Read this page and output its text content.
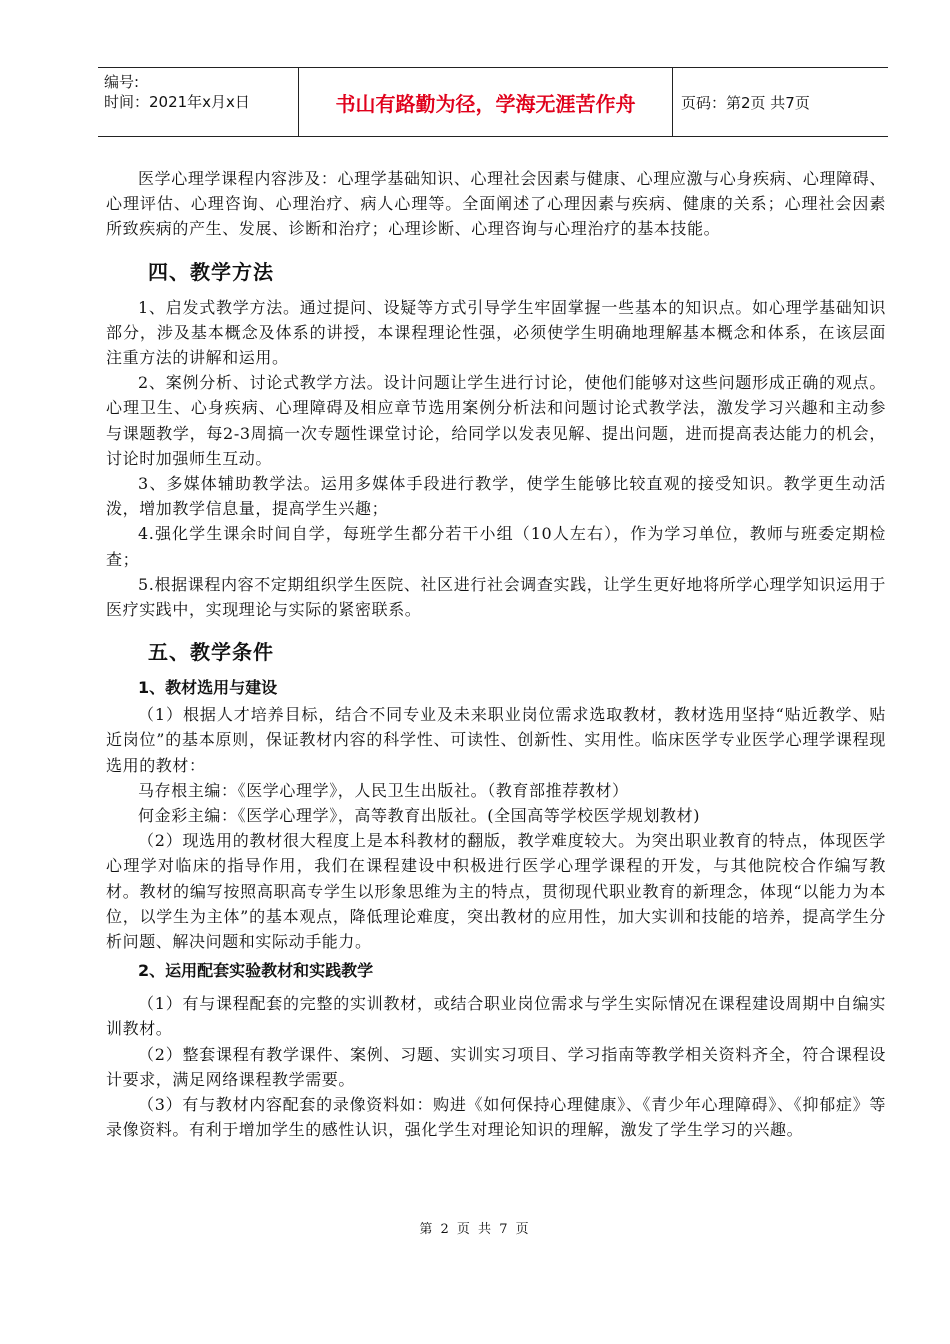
编号:
时间：2021年x月x日	书山有路勤为径，学海无涯苦作舟	页码：第2页 共7页

医学心理学课程内容涉及：心理学基础知识、心理社会因素与健康、心理应激与心身疾病、心理障碍、心理评估、心理咨询、心理治疗、病人心理等。全面阐述了心理因素与疾病、健康的关系；心理社会因素所致疾病的产生、发展、诊断和治疗；心理诊断、心理咨询与心理治疗的基本技能。

四、教学方法

1、启发式教学方法。通过提问、设疑等方式引导学生牢固掌握一些基本的知识点。如心理学基础知识部分，涉及基本概念及体系的讲授，本课程理论性强，必须使学生明确地理解基本概念和体系，在该层面注重方法的讲解和运用。

2、案例分析、讨论式教学方法。设计问题让学生进行讨论，使他们能够对这些问题形成正确的观点。心理卫生、心身疾病、心理障碍及相应章节选用案例分析法和问题讨论式教学法，激发学习兴趣和主动参与课题教学，每2-3周搞一次专题性课堂讨论，给同学以发表见解、提出问题，进而提高表达能力的机会，讨论时加强师生互动。

3、多媒体辅助教学法。运用多媒体手段进行教学，使学生能够比较直观的接受知识。教学更生动活泼，增加教学信息量，提高学生兴趣；

4.强化学生课余时间自学，每班学生都分若干小组（10人左右），作为学习单位，教师与班委定期检查；

5.根据课程内容不定期组织学生医院、社区进行社会调查实践，让学生更好地将所学心理学知识运用于医疗实践中，实现理论与实际的紧密联系。

五、教学条件
1、教材选用与建设

（1）根据人才培养目标，结合不同专业及未来职业岗位需求选取教材，教材选用坚持“贴近教学、贴近岗位”的基本原则，保证教材内容的科学性、可读性、创新性、实用性。临床医学专业医学心理学课程现选用的教材：

马存根主编：《医学心理学》，人民卫生出版社。（教育部推荐教材）

何金彩主编：《医学心理学》，高等教育出版社。(全国高等学校医学规划教材)

（2）现选用的教材很大程度上是本科教材的翻版，教学难度较大。为突出职业教育的特点，体现医学心理学对临床的指导作用，我们在课程建设中积极进行医学心理学课程的开发，与其他院校合作编写教材。教材的编写按照高职高专学生以形象思维为主的特点，贯彻现代职业教育的新理念，体现“以能力为本位，以学生为主体”的基本观点，降低理论难度，突出教材的应用性，加大实训和技能的培养，提高学生分析问题、解决问题和实际动手能力。

2、运用配套实验教材和实践教学

（1）有与课程配套的完整的实训教材，或结合职业岗位需求与学生实际情况在课程建设周期中自编实训教材。

（2）整套课程有教学课件、案例、习题、实训实习项目、学习指南等教学相关资料齐全，符合课程设计要求，满足网络课程教学需要。

（3）有与教材内容配套的录像资料如：购进《如何保持心理健康》、《青少年心理障碍》、《抑郁症》等录像资料。有利于增加学生的感性认识，强化学生对理论知识的理解，激发了学生学习的兴趣。

第 2 页 共 7 页
